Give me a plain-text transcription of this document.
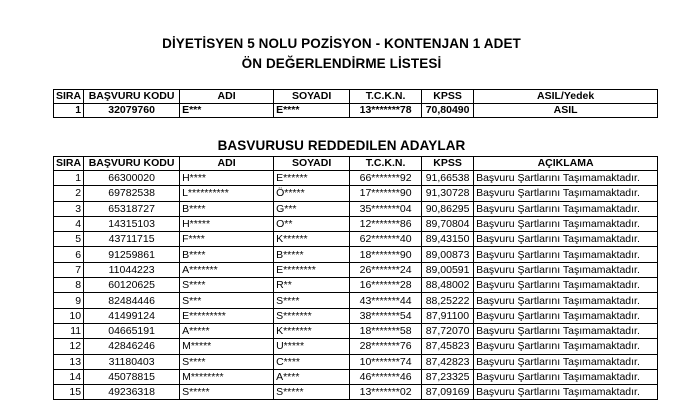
DİYETİSYEN 5 NOLU POZİSYON - KONTENJAN 1 ADET
ÖN DEĞERLENDİRME LİSTESİ
SIRA	BAŞVURU KODU	ADI	SOYADI	T.C.K.N.	KPSS	ASIL/Yedek
1	32079760	E***	E****	13*******78	70,80490	ASIL
BASVURUSU REDDEDILEN ADAYLAR
SIRA	BAŞVURU KODU	ADI	SOYADI	T.C.K.N.	KPSS	AÇIKLAMA
1	66300020	H****	E******	66*******92	91,66538	Başvuru Şartlarını Taşımamaktadır.
2	69782538	L**********	Ö*****	17*******90	91,30728	Başvuru Şartlarını Taşımamaktadır.
3	65318727	B****	G***	35*******04	90,86295	Başvuru Şartlarını Taşımamaktadır.
4	14315103	H*****	O**	12*******86	89,70804	Başvuru Şartlarını Taşımamaktadır.
5	43711715	F****	K******	62*******40	89,43150	Başvuru Şartlarını Taşımamaktadır.
6	91259861	B****	B*****	18*******90	89,00873	Başvuru Şartlarını Taşımamaktadır.
7	11044223	A*******	E********	26*******24	89,00591	Başvuru Şartlarını Taşımamaktadır.
8	60120625	S****	R**	16*******28	88,48002	Başvuru Şartlarını Taşımamaktadır.
9	82484446	S***	S****	43*******44	88,25222	Başvuru Şartlarını Taşımamaktadır.
10	41499124	E*********	S*******	38*******54	87,91100	Başvuru Şartlarını Taşımamaktadır.
11	04665191	A*****	K*******	18*******58	87,72070	Başvuru Şartlarını Taşımamaktadır.
12	42846246	M*****	U*****	28*******76	87,45823	Başvuru Şartlarını Taşımamaktadır.
13	31180403	S****	C****	10*******74	87,42823	Başvuru Şartlarını Taşımamaktadır.
14	45078815	M********	A****	46*******46	87,23325	Başvuru Şartlarını Taşımamaktadır.
15	49236318	S*****	S*****	13*******02	87,09169	Başvuru Şartlarını Taşımamaktadır.
